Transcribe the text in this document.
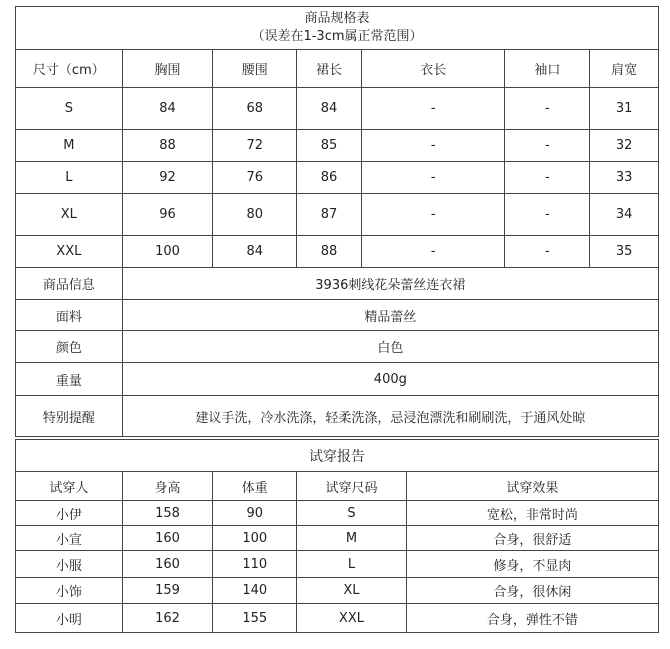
商品规格表
（误差在1-3cm属正常范围）
尺寸（cm）	胸围	腰围	裙长	衣长	袖口	肩宽
S	84	68	84	-	-	31
M	88	72	85	-	-	32
L	92	76	86	-	-	33
XL	96	80	87	-	-	34
XXL	100	84	88	-	-	35
商品信息	3936刺线花朵蕾丝连衣裙
面料	精品蕾丝
颜色	白色
重量	400g
特别提醒	建议手洗，冷水洗涤，轻柔洗涤，忌浸泡漂洗和刷刷洗，于通风处晾
试穿报告
试穿人	身高	体重	试穿尺码	试穿效果
小伊	158	90	S	宽松，非常时尚
小宣	160	100	M	合身，很舒适
小服	160	110	L	修身，不显肉
小饰	159	140	XL	合身，很休闲
小明	162	155	XXL	合身，弹性不错
